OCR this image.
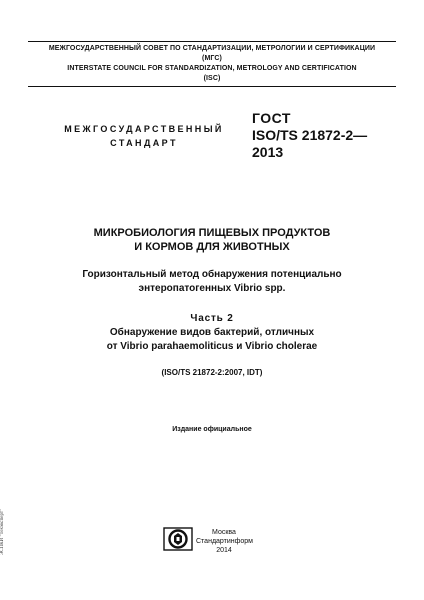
МЕЖГОСУДАРСТВЕННЫЙ СОВЕТ ПО СТАНДАРТИЗАЦИИ, МЕТРОЛОГИИ И СЕРТИФИКАЦИИ
(МГС)
INTERSTATE COUNCIL FOR STANDARDIZATION, METROLOGY AND CERTIFICATION
(ISC)
МЕЖГОСУДАРСТВЕННЫЙ
СТАНДАРТ
ГОСТ
ISO/TS 21872-2—
2013
МИКРОБИОЛОГИЯ ПИЩЕВЫХ ПРОДУКТОВ
И КОРМОВ ДЛЯ ЖИВОТНЫХ
Горизонтальный метод обнаружения потенциально
энтеропатогенных Vibrio spp.
Часть 2
Обнаружение видов бактерий, отличных
от Vibrio parahaemoliticus и Vibrio cholerae
(ISO/TS 21872-2:2007, IDT)
Издание официальное
Москва
Стандартинформ
2014
ЭСПКИ "Техэксперт"
